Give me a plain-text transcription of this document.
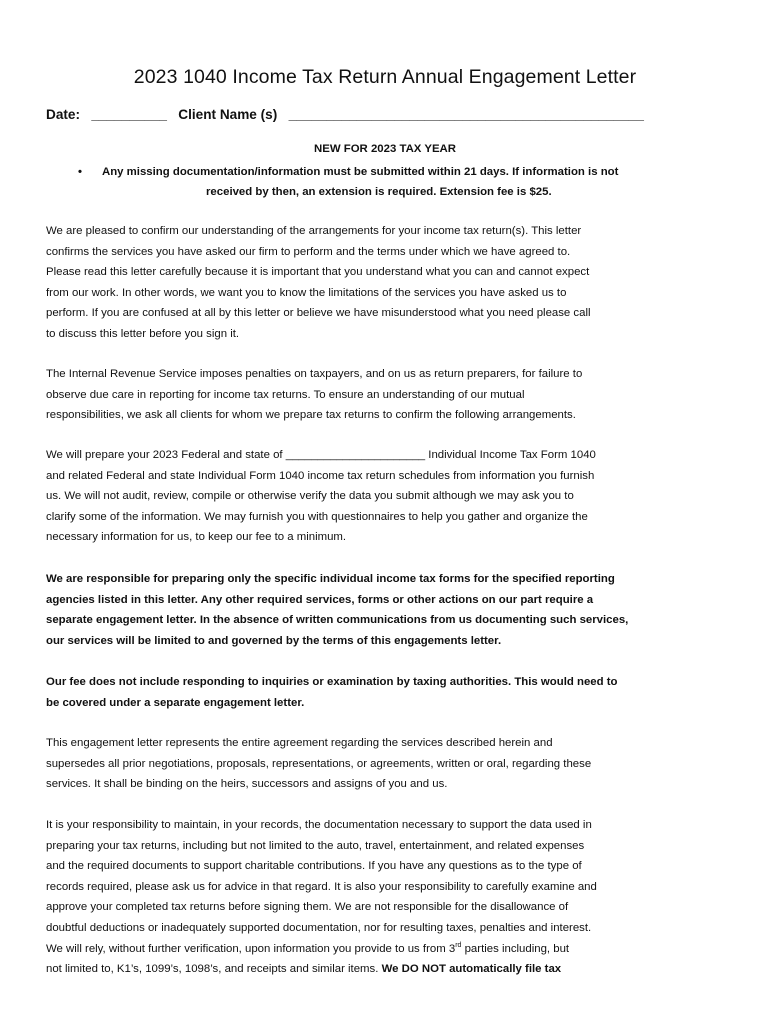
2023 1040 Income Tax Return Annual Engagement Letter
Date: __________ Client Name (s) _______________________________________________
NEW FOR 2023 TAX YEAR
•	Any missing documentation/information must be submitted within 21 days. If information is not
received by then, an extension is required. Extension fee is $25.
We are pleased to confirm our understanding of the arrangements for your income tax return(s). This letter
confirms the services you have asked our firm to perform and the terms under which we have agreed to.
Please read this letter carefully because it is important that you understand what you can and cannot expect
from our work. In other words, we want you to know the limitations of the services you have asked us to
perform. If you are confused at all by this letter or believe we have misunderstood what you need please call
to discuss this letter before you sign it.
The Internal Revenue Service imposes penalties on taxpayers, and on us as return preparers, for failure to
observe due care in reporting for income tax returns. To ensure an understanding of our mutual
responsibilities, we ask all clients for whom we prepare tax returns to confirm the following arrangements.
We will prepare your 2023 Federal and state of ______________________ Individual Income Tax Form 1040
and related Federal and state Individual Form 1040 income tax return schedules from information you furnish
us. We will not audit, review, compile or otherwise verify the data you submit although we may ask you to
clarify some of the information. We may furnish you with questionnaires to help you gather and organize the
necessary information for us, to keep our fee to a minimum.
We are responsible for preparing only the specific individual income tax forms for the specified reporting
agencies listed in this letter. Any other required services, forms or other actions on our part require a
separate engagement letter. In the absence of written communications from us documenting such services,
our services will be limited to and governed by the terms of this engagements letter.
Our fee does not include responding to inquiries or examination by taxing authorities. This would need to
be covered under a separate engagement letter.
This engagement letter represents the entire agreement regarding the services described herein and
supersedes all prior negotiations, proposals, representations, or agreements, written or oral, regarding these
services. It shall be binding on the heirs, successors and assigns of you and us.
It is your responsibility to maintain, in your records, the documentation necessary to support the data used in
preparing your tax returns, including but not limited to the auto, travel, entertainment, and related expenses
and the required documents to support charitable contributions. If you have any questions as to the type of
records required, please ask us for advice in that regard. It is also your responsibility to carefully examine and
approve your completed tax returns before signing them. We are not responsible for the disallowance of
doubtful deductions or inadequately supported documentation, nor for resulting taxes, penalties and interest.
We will rely, without further verification, upon information you provide to us from 3rd parties including, but
not limited to, K1’s, 1099’s, 1098’s, and receipts and similar items. We DO NOT automatically file tax
